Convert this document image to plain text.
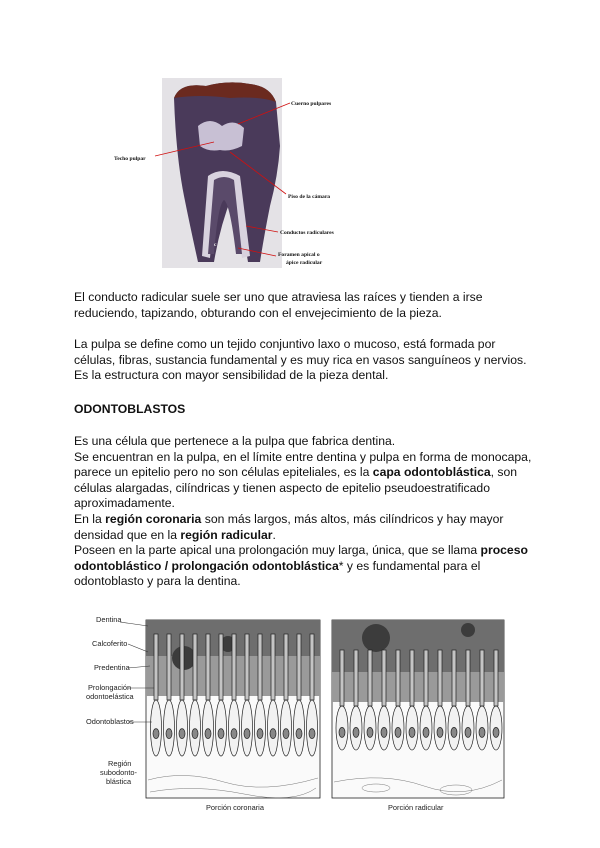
Cuerno pulpares
Techo pulpar
Piso de la cámara
Conductos radiculares
Foramen apical o
ápice radicular
c
El conducto radicular suele ser uno que atraviesa las raíces y tienden a irse reduciendo, tapizando, obturando con el envejecimiento de la pieza.
La pulpa se define como un tejido conjuntivo laxo o mucoso, está formada por células, fibras, sustancia fundamental y es muy rica en vasos sanguíneos y nervios. Es la estructura con mayor sensibilidad de la pieza dental.
ODONTOBLASTOS
Es una célula que pertenece a la pulpa que fabrica dentina.
Se encuentran en la pulpa, en el límite entre dentina y pulpa en forma de monocapa, parece un epitelio pero no son células epiteliales, es la capa odontoblástica, son células alargadas, cilíndricas y tienen aspecto de epitelio pseudoestratificado aproximadamente.
En la región coronaria son más largos, más altos, más cilíndricos y hay mayor densidad que en la región radicular.
Poseen en la parte apical una prolongación muy larga, única, que se llama proceso odontoblástico / prolongación odontoblástica* y es fundamental para el odontoblasto y para la dentina.
Dentina
Calcoferito
Predentina
Prolongación
odontoelástica
Odontoblastos
Región
subodonto-
blástica
Porción coronaria	Porción radicular
